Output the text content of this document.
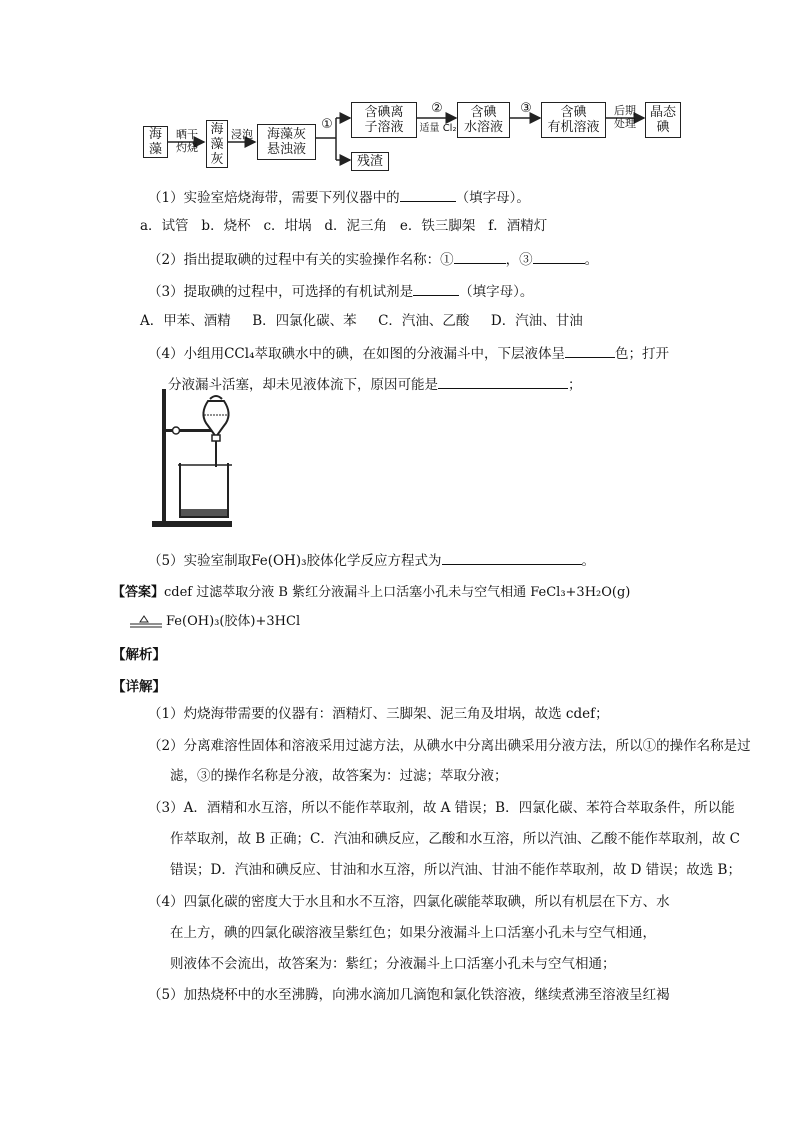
海
藻
晒干
灼烧
海
藻
灰
浸泡	海藻灰
悬浊液
①
含碘离
子溶液
残渣
②
适量 Cl₂
含碘
水溶液
③	含碘
有机溶液
后期
处理
晶态
碘
（1）实验室焙烧海带，需要下列仪器中的	（填字母）。
a．试管   b．烧杯   c．坩埚   d．泥三角   e．铁三脚架   f．酒精灯
（2）指出提取碘的过程中有关的实验操作名称：①	，③	。
（3）提取碘的过程中，可选择的有机试剂是	（填字母）。
A．甲苯、酒精     B．四氯化碳、苯     C．汽油、乙酸     D．汽油、甘油
（4）小组用CCl₄萃取碘水中的碘，在如图的分液漏斗中，下层液体呈	色；打开
分液漏斗活塞，却未见液体流下，原因可能是	；
（5）实验室制取Fe(OH)₃胶体化学反应方程式为	。
【答案】cdef 过滤萃取分液 B 紫红分液漏斗上口活塞小孔未与空气相通 FeCl₃+3H₂O(g)
Fe(OH)₃(胶体)+3HCl
【解析】
【详解】
（1）灼烧海带需要的仪器有：酒精灯、三脚架、泥三角及坩埚，故选 cdef；
（2）分离难溶性固体和溶液采用过滤方法，从碘水中分离出碘采用分液方法，所以①的操作名称是过
滤，③的操作名称是分液，故答案为：过滤；萃取分液；
（3）A．酒精和水互溶，所以不能作萃取剂，故 A 错误；B．四氯化碳、苯符合萃取条件，所以能
作萃取剂，故 B 正确；C．汽油和碘反应，乙酸和水互溶，所以汽油、乙酸不能作萃取剂，故 C
错误；D．汽油和碘反应、甘油和水互溶，所以汽油、甘油不能作萃取剂，故 D 错误；故选 B；
（4）四氯化碳的密度大于水且和水不互溶，四氯化碳能萃取碘，所以有机层在下方、水
在上方，碘的四氯化碳溶液呈紫红色；如果分液漏斗上口活塞小孔未与空气相通，
则液体不会流出，故答案为：紫红；分液漏斗上口活塞小孔未与空气相通；
（5）加热烧杯中的水至沸腾，向沸水滴加几滴饱和氯化铁溶液，继续煮沸至溶液呈红褐
